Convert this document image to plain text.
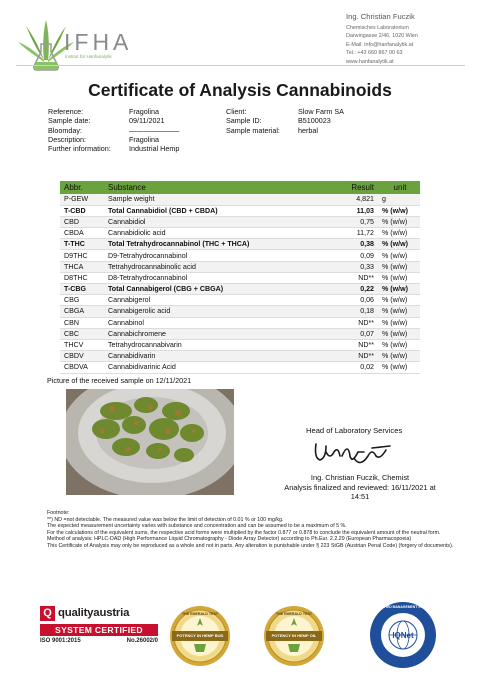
IFHA
Institut für Hanfanalytik
Ing. Christian Fuczik
Chemisches Laboratorium
Darwingasse 2/46, 1020 Wien
E-Mail: info@hanfanalytik.at
Tel.: +43 660 867 00 63
www.hanfanalytik.at
Certificate of Analysis Cannabinoids
Reference:	Fragolina
Sample date:	09/11/2021
Bloomday:	———————
Description:	Fragolina
Further information:	Industrial Hemp
Client:	Slow Farm SA
Sample ID:	B5100023
Sample material:	herbal
Abbr.	Substance	Result	unit
P-GEW	Sample weight	4,821	g
T-CBD	Total Cannabidiol (CBD + CBDA)	11,03	% (w/w)
CBD	Cannabidiol	0,75	% (w/w)
CBDA	Cannabidiolic acid	11,72	% (w/w)
T-THC	Total Tetrahydrocannabinol (THC + THCA)	0,38	% (w/w)
D9THC	D9-Tetrahydrocannabinol	0,09	% (w/w)
THCA	Tetrahydrocannabinolic acid	0,33	% (w/w)
D8THC	D8-Tetrahydrocannabinol	ND**	% (w/w)
T-CBG	Total Cannabigerol (CBG + CBGA)	0,22	% (w/w)
CBG	Cannabigerol	0,06	% (w/w)
CBGA	Cannabigerolic acid	0,18	% (w/w)
CBN	Cannabinol	ND**	% (w/w)
CBC	Cannabichromene	0,07	% (w/w)
THCV	Tetrahydrocannabivarin	ND**	% (w/w)
CBDV	Cannabidivarin	ND**	% (w/w)
CBDVA	Cannabidivarinic Acid	0,02	% (w/w)
Picture of the received sample on 12/11/2021
Head of Laboratory Services
Ing. Christian Fuczik, Chemist
Analysis finalized and reviewed: 16/11/2021 at
14:51
Footnote:
**) ND =not detectable. The measured value was below the limit of detection of 0.01 % or 100 mg/kg.
The expected measurement uncertainty varies with substance and concentration and can be assumed to be a maximum of 5 %.
For the calculations of the equivalent sums, the respective acid forms were multiplied by the factor 0.877 or 0.878 to conclude the equivalent amount of the neutral form.
Method of analysis: HPLC-DAD (High Performance Liquid Chromatography - Diode Array Detector) according to Ph.Eur. 2.2.29 (European Pharmacopoeia)
This Certificate of Analysis may only be reproduced as a whole and not in parts. Any alteration is punishable under § 223 StGB (Austrian Penal Code) (forgery of documents).
Q qualityaustria
SYSTEM CERTIFIED
ISO 9001:2015	No.26002/0
THE EMERALD TEST
POTENCY IN HEMP BUD
THE EMERALD TEST
POTENCY IN HEMP OIL
CERTIFIED MANAGEMENT SYSTEM
IQNet
